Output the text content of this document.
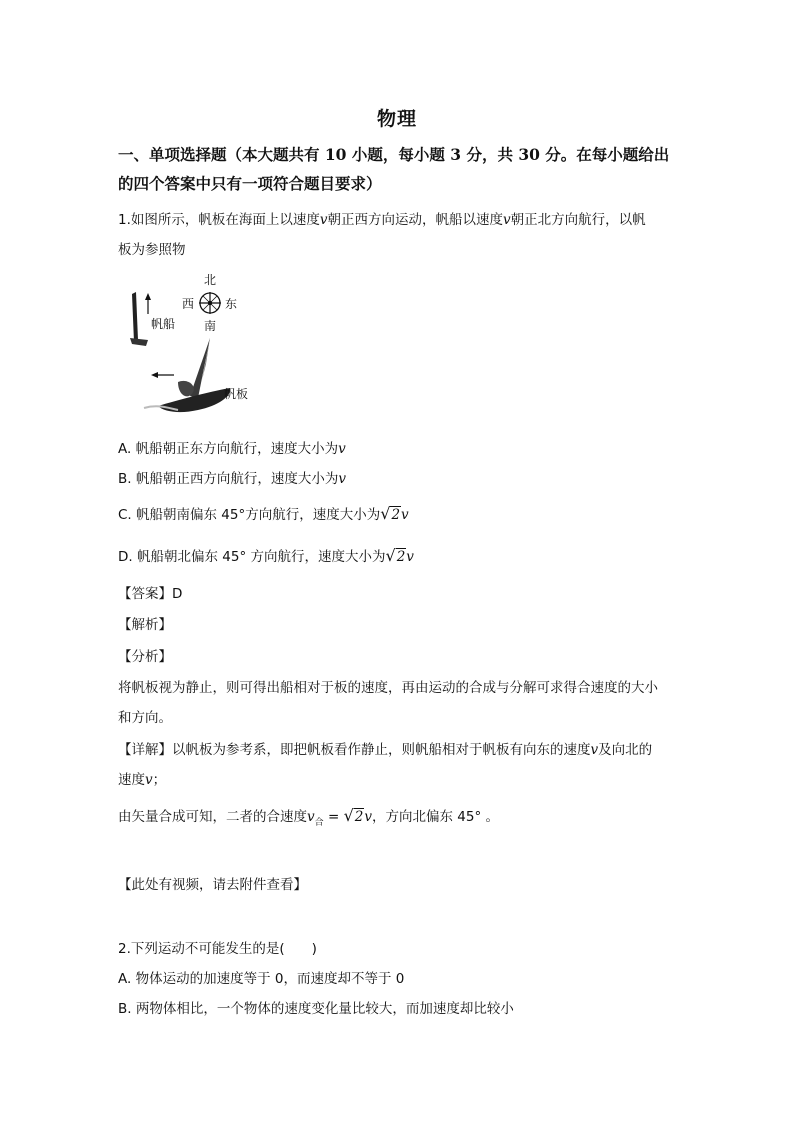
物理
一、单项选择题（本大题共有 10 小题，每小题 3 分，共 30 分。在每小题给出的四个答案中只有一项符合题目要求）
1.如图所示，帆板在海面上以速度v朝正西方向运动，帆船以速度v朝正北方向航行，以帆
板为参照物
帆船
北
西	东
南
帆板
A. 帆船朝正东方向航行，速度大小为v
B. 帆船朝正西方向航行，速度大小为v
C. 帆船朝南偏东 45°方向航行，速度大小为√2v
D. 帆船朝北偏东 45° 方向航行，速度大小为√2v
【答案】D
【解析】
【分析】
将帆板视为静止，则可得出船相对于板的速度，再由运动的合成与分解可求得合速度的大小
和方向。
【详解】以帆板为参考系，即把帆板看作静止，则帆船相对于帆板有向东的速度v及向北的
速度v；
由矢量合成可知，二者的合速度$v_合 = √2v$，方向北偏东 45° 。
【此处有视频，请去附件查看】
2.下列运动不可能发生的是(　　)
A. 物体运动的加速度等于 0，而速度却不等于 0
B. 两物体相比，一个物体的速度变化量比较大，而加速度却比较小
